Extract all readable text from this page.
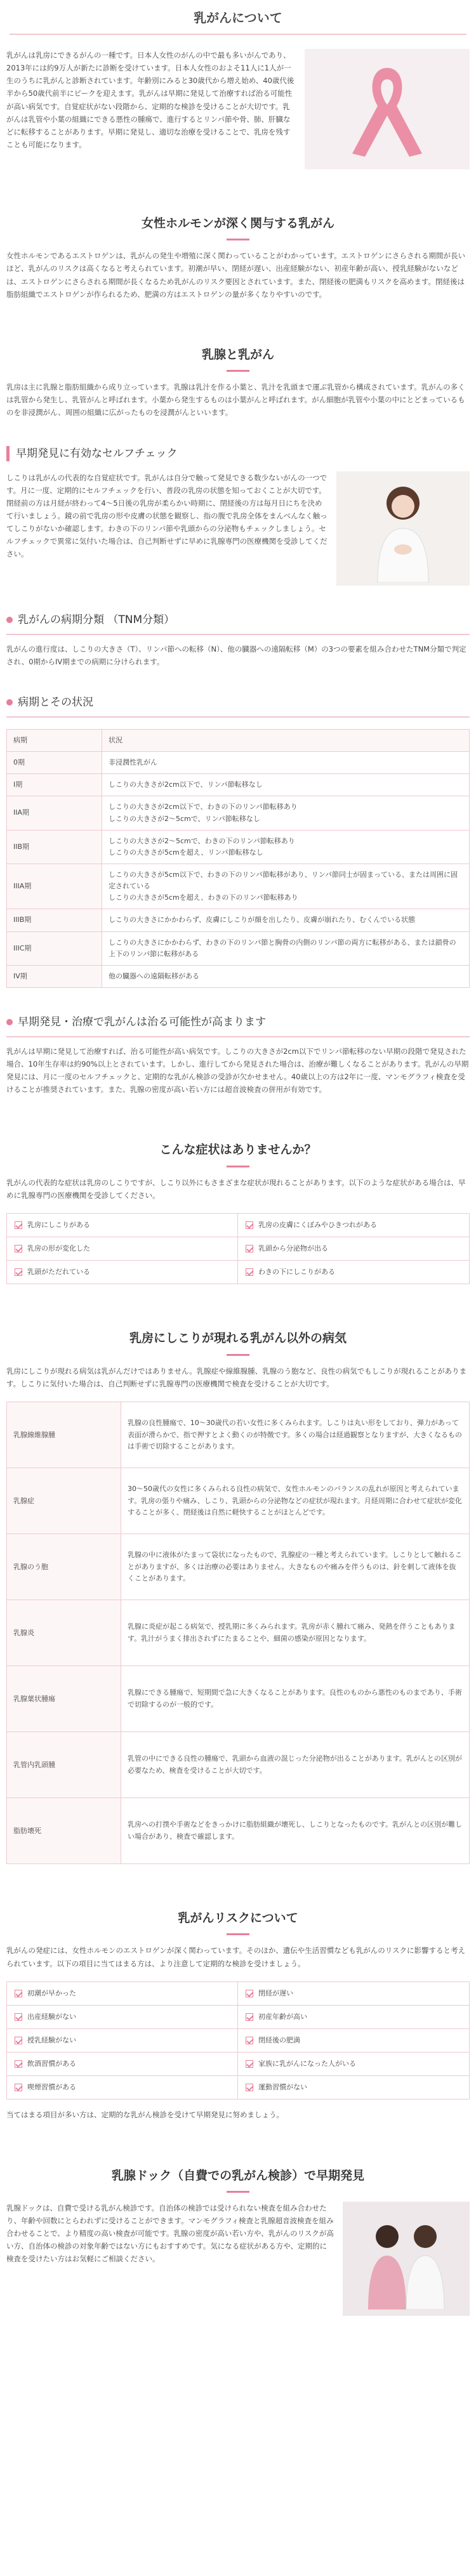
乳がんについて

乳がんは乳房にできるがんの一種です。日本人女性のがんの中で最も多いがんであり、2013年には約9万人が新たに診断を受けています。日本人女性のおよそ11人に1人が一生のうちに乳がんと診断されています。年齢別にみると30歳代から増え始め、40歳代後半から50歳代前半にピークを迎えます。乳がんは早期に発見して治療すれば治る可能性が高い病気です。自覚症状がない段階から、定期的な検診を受けることが大切です。乳がんは乳管や小葉の組織にできる悪性の腫瘍で、進行するとリンパ節や骨、肺、肝臓などに転移することがあります。早期に発見し、適切な治療を受けることで、乳房を残すことも可能になります。

女性ホルモンが深く関与する乳がん

女性ホルモンであるエストロゲンは、乳がんの発生や増殖に深く関わっていることがわかっています。エストロゲンにさらされる期間が長いほど、乳がんのリスクは高くなると考えられています。初潮が早い、閉経が遅い、出産経験がない、初産年齢が高い、授乳経験がないなどは、エストロゲンにさらされる期間が長くなるため乳がんのリスク要因とされています。また、閉経後の肥満もリスクを高めます。閉経後は脂肪組織でエストロゲンが作られるため、肥満の方はエストロゲンの量が多くなりやすいのです。

乳腺と乳がん

乳房は主に乳腺と脂肪組織から成り立っています。乳腺は乳汁を作る小葉と、乳汁を乳頭まで運ぶ乳管から構成されています。乳がんの多くは乳管から発生し、乳管がんと呼ばれます。小葉から発生するものは小葉がんと呼ばれます。がん細胞が乳管や小葉の中にとどまっているものを非浸潤がん、周囲の組織に広がったものを浸潤がんといいます。

早期発見に有効なセルフチェック

しこりは乳がんの代表的な自覚症状です。乳がんは自分で触って発見できる数少ないがんの一つです。月に一度、定期的にセルフチェックを行い、普段の乳房の状態を知っておくことが大切です。閉経前の方は月経が終わって4〜5日後の乳房が柔らかい時期に、閉経後の方は毎月日にちを決めて行いましょう。鏡の前で乳房の形や皮膚の状態を観察し、指の腹で乳房全体をまんべんなく触ってしこりがないか確認します。わきの下のリンパ節や乳頭からの分泌物もチェックしましょう。セルフチェックで異常に気付いた場合は、自己判断せずに早めに乳腺専門の医療機関を受診してください。

乳がんの病期分類 （TNM分類）

乳がんの進行度は、しこりの大きさ（T）、リンパ節への転移（N）、他の臓器への遠隔転移（M）の3つの要素を組み合わせたTNM分類で判定され、0期からIV期までの病期に分けられます。

病期とその状況
病期	状況
0期	非浸潤性乳がん
I期	しこりの大きさが2cm以下で、リンパ節転移なし
IIA期	しこりの大きさが2cm以下で、わきの下のリンパ節転移あり
しこりの大きさが2〜5cmで、リンパ節転移なし
IIB期	しこりの大きさが2〜5cmで、わきの下のリンパ節転移あり
しこりの大きさが5cmを超え、リンパ節転移なし
IIIA期	しこりの大きさが5cm以下で、わきの下のリンパ節転移があり、リンパ節同士が固まっている、または周囲に固定されている
しこりの大きさが5cmを超え、わきの下のリンパ節転移あり
IIIB期	しこりの大きさにかかわらず、皮膚にしこりが顔を出したり、皮膚が崩れたり、むくんでいる状態
IIIC期	しこりの大きさにかかわらず、わきの下のリンパ節と胸骨の内側のリンパ節の両方に転移がある、または鎖骨の上下のリンパ節に転移がある
IV期	他の臓器への遠隔転移がある
早期発見・治療で乳がんは治る可能性が高まります

乳がんは早期に発見して治療すれば、治る可能性が高い病気です。しこりの大きさが2cm以下でリンパ節転移のない早期の段階で発見された場合、10年生存率は約90%以上とされています。しかし、進行してから発見された場合は、治療が難しくなることがあります。乳がんの早期発見には、月に一度のセルフチェックと、定期的な乳がん検診の受診が欠かせません。40歳以上の方は2年に一度、マンモグラフィ検査を受けることが推奨されています。また、乳腺の密度が高い若い方には超音波検査の併用が有効です。

こんな症状はありませんか？

乳がんの代表的な症状は乳房のしこりですが、しこり以外にもさまざまな症状が現れることがあります。以下のような症状がある場合は、早めに乳腺専門の医療機関を受診してください。

乳房にしこりがある	乳房の皮膚にくぼみやひきつれがある
乳房の形が変化した	乳頭から分泌物が出る
乳頭がただれている	わきの下にしこりがある
乳房にしこりが現れる乳がん以外の病気

乳房にしこりが現れる病気は乳がんだけではありません。乳腺症や線維腺腫、乳腺のう胞など、良性の病気でもしこりが現れることがあります。しこりに気付いた場合は、自己判断せずに乳腺専門の医療機関で検査を受けることが大切です。

乳腺線維腺腫	乳腺の良性腫瘍で、10〜30歳代の若い女性に多くみられます。しこりは丸い形をしており、弾力があって表面が滑らかで、指で押すとよく動くのが特徴です。多くの場合は経過観察となりますが、大きくなるものは手術で切除することがあります。
乳腺症	30〜50歳代の女性に多くみられる良性の病気で、女性ホルモンのバランスの乱れが原因と考えられています。乳房の張りや痛み、しこり、乳頭からの分泌物などの症状が現れます。月経周期に合わせて症状が変化することが多く、閉経後は自然に軽快することがほとんどです。
乳腺のう胞	乳腺の中に液体がたまって袋状になったもので、乳腺症の一種と考えられています。しこりとして触れることがありますが、多くは治療の必要はありません。大きなものや痛みを伴うものは、針を刺して液体を抜くことがあります。
乳腺炎	乳腺に炎症が起こる病気で、授乳期に多くみられます。乳房が赤く腫れて痛み、発熱を伴うこともあります。乳汁がうまく排出されずにたまることや、細菌の感染が原因となります。
乳腺葉状腫瘍	乳腺にできる腫瘍で、短期間で急に大きくなることがあります。良性のものから悪性のものまであり、手術で切除するのが一般的です。
乳管内乳頭腫	乳管の中にできる良性の腫瘍で、乳頭から血液の混じった分泌物が出ることがあります。乳がんとの区別が必要なため、検査を受けることが大切です。
脂肪壊死	乳房への打撲や手術などをきっかけに脂肪組織が壊死し、しこりとなったものです。乳がんとの区別が難しい場合があり、検査で確認します。
乳がんリスクについて

乳がんの発症には、女性ホルモンのエストロゲンが深く関わっています。そのほか、遺伝や生活習慣なども乳がんのリスクに影響すると考えられています。以下の項目に当てはまる方は、より注意して定期的な検診を受けましょう。

初潮が早かった	閉経が遅い
出産経験がない	初産年齢が高い
授乳経験がない	閉経後の肥満
飲酒習慣がある	家族に乳がんになった人がいる
喫煙習慣がある	運動習慣がない

当てはまる項目が多い方は、定期的な乳がん検診を受けて早期発見に努めましょう。

乳腺ドック（自費での乳がん検診）で早期発見

乳腺ドックは、自費で受ける乳がん検診です。自治体の検診では受けられない検査を組み合わせたり、年齢や回数にとらわれずに受けることができます。マンモグラフィ検査と乳腺超音波検査を組み合わせることで、より精度の高い検査が可能です。乳腺の密度が高い若い方や、乳がんのリスクが高い方、自治体の検診の対象年齢ではない方にもおすすめです。気になる症状がある方や、定期的に検査を受けたい方はお気軽にご相談ください。
